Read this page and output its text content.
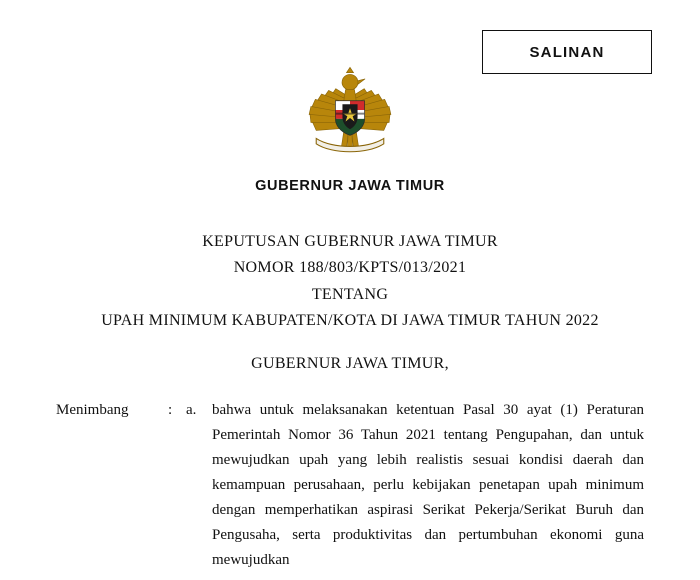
SALINAN
GUBERNUR JAWA TIMUR
KEPUTUSAN GUBERNUR JAWA TIMUR
NOMOR 188/803/KPTS/013/2021
TENTANG
UPAH MINIMUM KABUPATEN/KOTA DI JAWA TIMUR TAHUN 2022
GUBERNUR JAWA TIMUR,
Menimbang	: a.	bahwa untuk melaksanakan ketentuan Pasal 30 ayat (1) Peraturan Pemerintah Nomor 36 Tahun 2021 tentang Pengupahan, dan untuk mewujudkan upah yang lebih realistis sesuai kondisi daerah dan kemampuan perusahaan, perlu kebijakan penetapan upah minimum dengan memperhatikan aspirasi Serikat Pekerja/Serikat Buruh dan Pengusaha, serta produktivitas dan pertumbuhan ekonomi guna mewujudkan
